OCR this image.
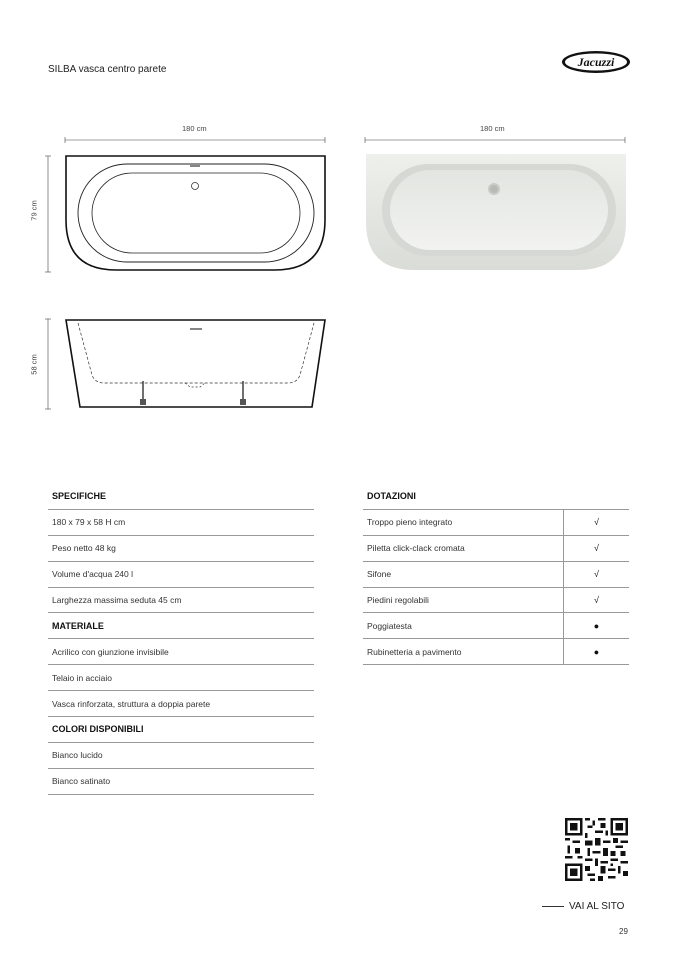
SILBA vasca centro parete
Jacuzzi
180 cm
79 cm
180 cm
58 cm
SPECIFICHE
180 x 79 x 58 H cm
Peso netto 48 kg
Volume d'acqua 240 l
Larghezza massima seduta 45 cm
MATERIALE
Acrilico con giunzione invisibile
Telaio in acciaio
Vasca rinforzata, struttura a doppia parete
COLORI DISPONIBILI
Bianco lucido
Bianco satinato
DOTAZIONI
Troppo pieno integrato	√
Piletta click-clack cromata	√
Sifone	√
Piedini regolabili	√
Poggiatesta	●
Rubinetteria a pavimento	●
VAI AL SITO
29
